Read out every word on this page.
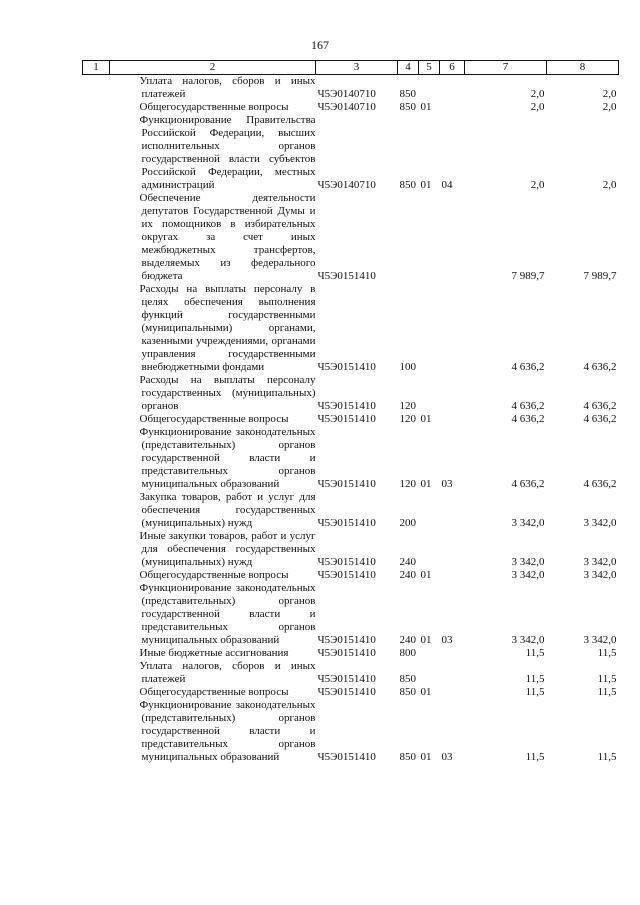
167
1	2	3	4	5	6	7	8
	Уплата налогов, сборов и иных платежей	Ч5Э0140710	850			2,0	2,0
	Общегосударственные вопросы	Ч5Э0140710	850	01		2,0	2,0
	Функционирование Правительства Российской Федерации, высших исполнительных органов государственной власти субъектов Российской Федерации, местных администраций	Ч5Э0140710	850	01	04	2,0	2,0
	Обеспечение деятельности депутатов Государственной Думы и их помощников в избирательных округах за счет иных межбюджетных трансфертов, выделяемых из федерального бюджета	Ч5Э0151410				7 989,7	7 989,7
	Расходы на выплаты персоналу в целях обеспечения выполнения функций государственными (муниципальными) органами, казенными учреждениями, органами управления государственными внебюджетными фондами	Ч5Э0151410	100			4 636,2	4 636,2
	Расходы на выплаты персоналу государственных (муниципальных) органов	Ч5Э0151410	120			4 636,2	4 636,2
	Общегосударственные вопросы	Ч5Э0151410	120	01		4 636,2	4 636,2
	Функционирование законодательных (представительных) органов государственной власти и представительных органов муниципальных образований	Ч5Э0151410	120	01	03	4 636,2	4 636,2
	Закупка товаров, работ и услуг для обеспечения государственных (муниципальных) нужд	Ч5Э0151410	200			3 342,0	3 342,0
	Иные закупки товаров, работ и услуг для обеспечения государственных (муниципальных) нужд	Ч5Э0151410	240			3 342,0	3 342,0
	Общегосударственные вопросы	Ч5Э0151410	240	01		3 342,0	3 342,0
	Функционирование законодательных (представительных) органов государственной власти и представительных органов муниципальных образований	Ч5Э0151410	240	01	03	3 342,0	3 342,0
	Иные бюджетные ассигнования	Ч5Э0151410	800			11,5	11,5
	Уплата налогов, сборов и иных платежей	Ч5Э0151410	850			11,5	11,5
	Общегосударственные вопросы	Ч5Э0151410	850	01		11,5	11,5
	Функционирование законодательных (представительных) органов государственной власти и представительных органов муниципальных образований	Ч5Э0151410	850	01	03	11,5	11,5
